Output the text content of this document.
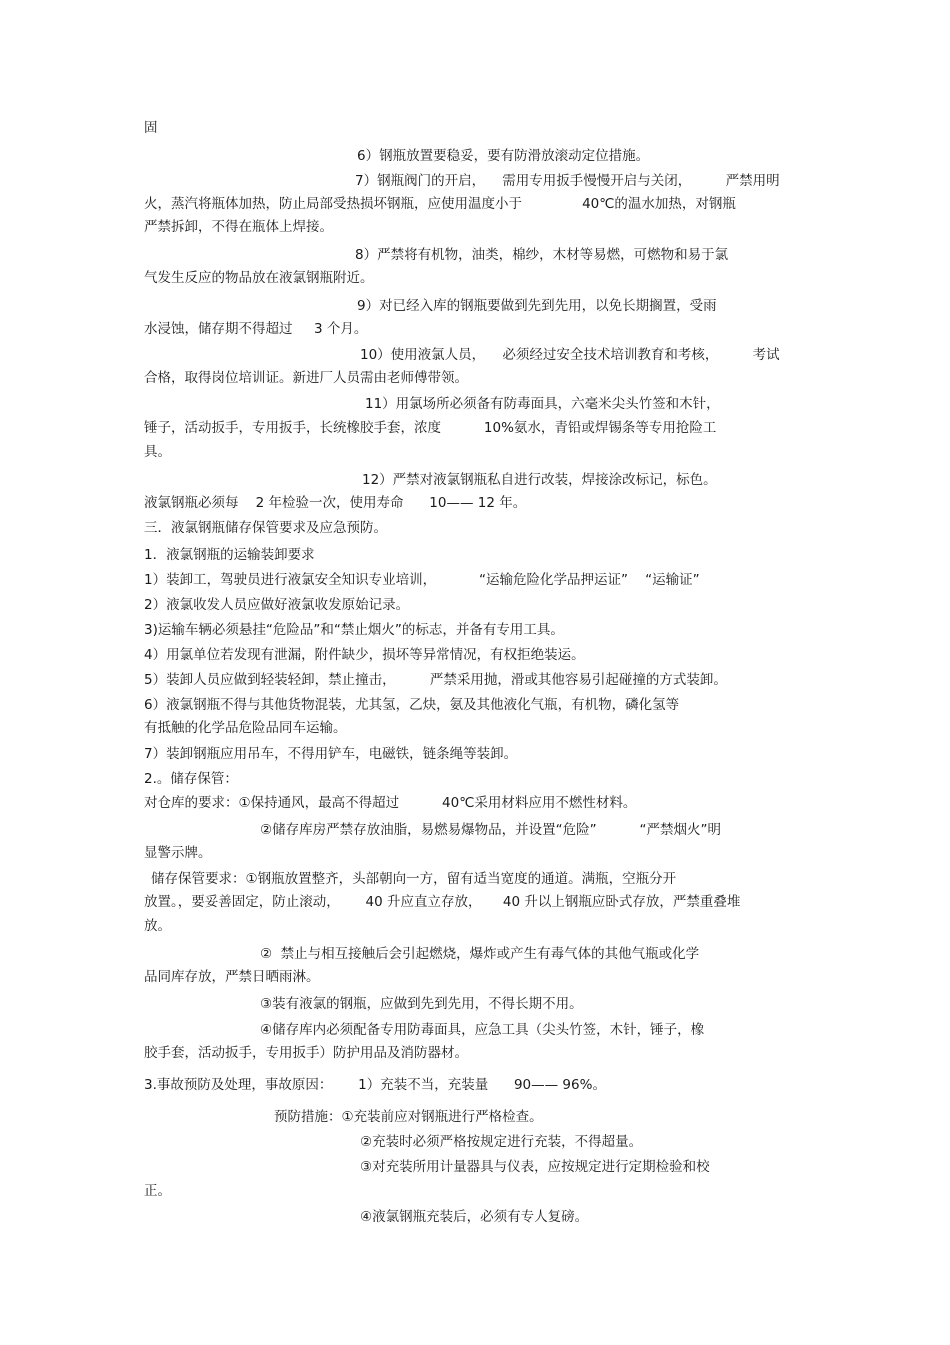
固
6）钢瓶放置要稳妥，要有防滑放滚动定位措施。
7）钢瓶阀门的开启，    需用专用扳手慢慢开启与关闭，        严禁用明
火，蒸汽将瓶体加热，防止局部受热损坏钢瓶，应使用温度小于              40℃的温水加热，对钢瓶
严禁拆卸，不得在瓶体上焊接。
8）严禁将有机物，油类，棉纱，木材等易燃，可燃物和易于氯
气发生反应的物品放在液氯钢瓶附近。
9）对已经入库的钢瓶要做到先到先用，以免长期搁置，受雨
水浸蚀，储存期不得超过     3 个月。
10）使用液氯人员，    必须经过安全技术培训教育和考核，        考试
合格，取得岗位培训证。新进厂人员需由老师傅带领。
11）用氯场所必须备有防毒面具，六毫米尖头竹签和木针，
锤子，活动扳手，专用扳手，长统橡胶手套，浓度          10%氨水，青铅或焊锡条等专用抢险工
具。
12）严禁对液氯钢瓶私自进行改装，焊接涂改标记，标色。
液氯钢瓶必须每    2 年检验一次，使用寿命      10—— 12 年。
三．液氯钢瓶储存保管要求及应急预防。
1．液氯钢瓶的运输装卸要求
1）装卸工，驾驶员进行液氯安全知识专业培训，          “运输危险化学品押运证”    “运输证”
2）液氯收发人员应做好液氯收发原始记录。
3)运输车辆必须悬挂“危险品”和“禁止烟火”的标志，并备有专用工具。
4）用氯单位若发现有泄漏，附件缺少，损坏等异常情况，有权拒绝装运。
5）装卸人员应做到轻装轻卸，禁止撞击，        严禁采用抛，滑或其他容易引起碰撞的方式装卸。
6）液氯钢瓶不得与其他货物混装，尤其氢，乙炔，氨及其他液化气瓶，有机物，磷化氢等
有抵触的化学品危险品同车运输。
7）装卸钢瓶应用吊车，不得用铲车，电磁铁，链条绳等装卸。
2.。储存保管：
对仓库的要求：①保持通风，最高不得超过          40℃采用材料应用不燃性材料。
②储存库房严禁存放油脂，易燃易爆物品，并设置“危险”          “严禁烟火”明
显警示牌。
储存保管要求：①钢瓶放置整齐，头部朝向一方，留有适当宽度的通道。满瓶，空瓶分开
放置。，要妥善固定，防止滚动，      40 升应直立存放，     40 升以上钢瓶应卧式存放，严禁重叠堆
放。
②  禁止与相互接触后会引起燃烧，爆炸或产生有毒气体的其他气瓶或化学
品同库存放，严禁日晒雨淋。
③装有液氯的钢瓶，应做到先到先用，不得长期不用。
④储存库内必须配备专用防毒面具，应急工具（尖头竹签，木针，锤子，橡
胶手套，活动扳手，专用扳手）防护用品及消防器材。
3.事故预防及处理，事故原因：      1）充装不当，充装量      90—— 96%。
预防措施：①充装前应对钢瓶进行严格检查。
②充装时必须严格按规定进行充装，不得超量。
③对充装所用计量器具与仪表，应按规定进行定期检验和校
正。
④液氯钢瓶充装后，必须有专人复磅。
